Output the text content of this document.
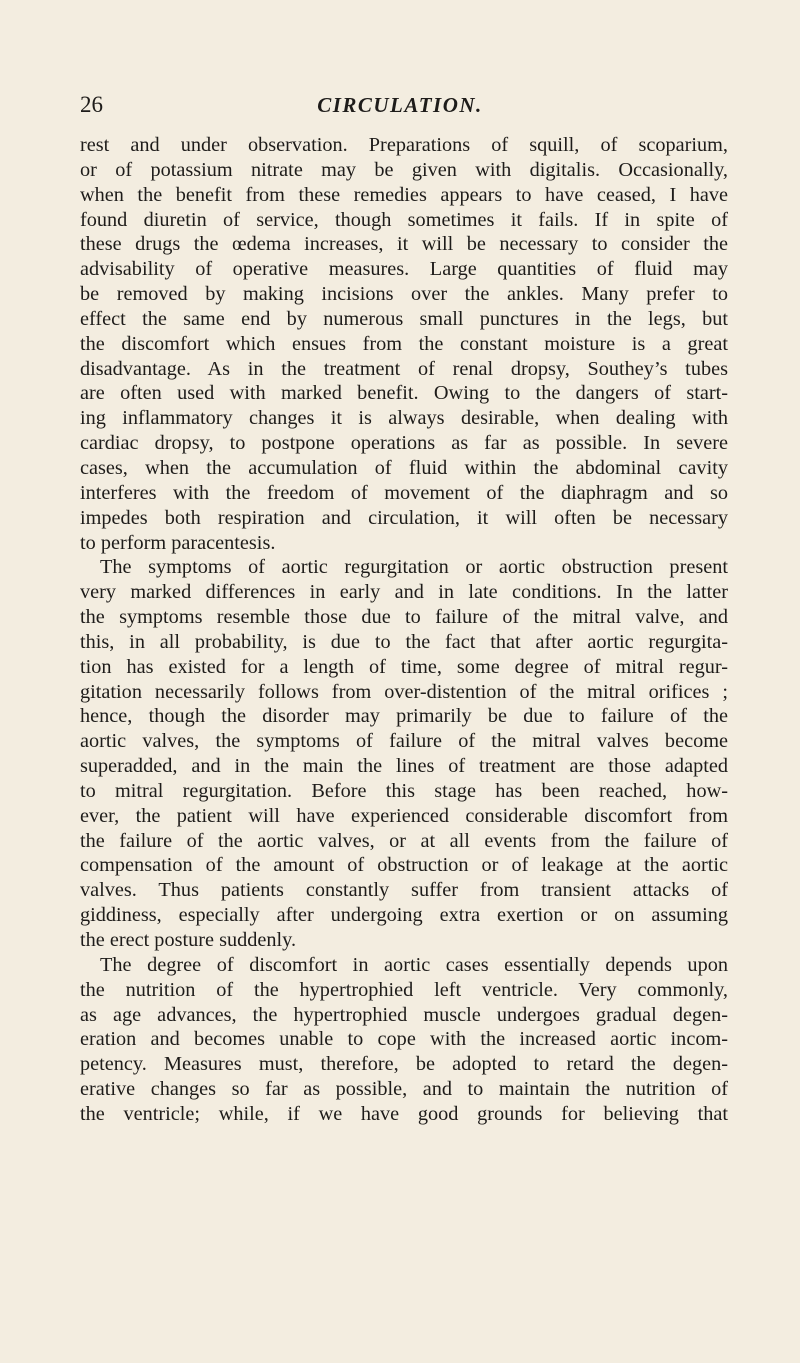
26	CIRCULATION.
rest and under observation. Preparations of squill, of scoparium,
or of potassium nitrate may be given with digitalis. Occasionally,
when the benefit from these remedies appears to have ceased, I have
found diuretin of service, though sometimes it fails. If in spite of
these drugs the œdema increases, it will be necessary to consider the
advisability of operative measures. Large quantities of fluid may
be removed by making incisions over the ankles. Many prefer to
effect the same end by numerous small punctures in the legs, but
the discomfort which ensues from the constant moisture is a great
disadvantage. As in the treatment of renal dropsy, Southey’s tubes
are often used with marked benefit. Owing to the dangers of start-
ing inflammatory changes it is always desirable, when dealing with
cardiac dropsy, to postpone operations as far as possible. In severe
cases, when the accumulation of fluid within the abdominal cavity
interferes with the freedom of movement of the diaphragm and so
impedes both respiration and circulation, it will often be necessary
to perform paracentesis.
The symptoms of aortic regurgitation or aortic obstruction present
very marked differences in early and in late conditions. In the latter
the symptoms resemble those due to failure of the mitral valve, and
this, in all probability, is due to the fact that after aortic regurgita-
tion has existed for a length of time, some degree of mitral regur-
gitation necessarily follows from over-distention of the mitral orifices ;
hence, though the disorder may primarily be due to failure of the
aortic valves, the symptoms of failure of the mitral valves become
superadded, and in the main the lines of treatment are those adapted
to mitral regurgitation. Before this stage has been reached, how-
ever, the patient will have experienced considerable discomfort from
the failure of the aortic valves, or at all events from the failure of
compensation of the amount of obstruction or of leakage at the aortic
valves. Thus patients constantly suffer from transient attacks of
giddiness, especially after undergoing extra exertion or on assuming
the erect posture suddenly.
The degree of discomfort in aortic cases essentially depends upon
the nutrition of the hypertrophied left ventricle. Very commonly,
as age advances, the hypertrophied muscle undergoes gradual degen-
eration and becomes unable to cope with the increased aortic incom-
petency. Measures must, therefore, be adopted to retard the degen-
erative changes so far as possible, and to maintain the nutrition of
the ventricle; while, if we have good grounds for believing that
